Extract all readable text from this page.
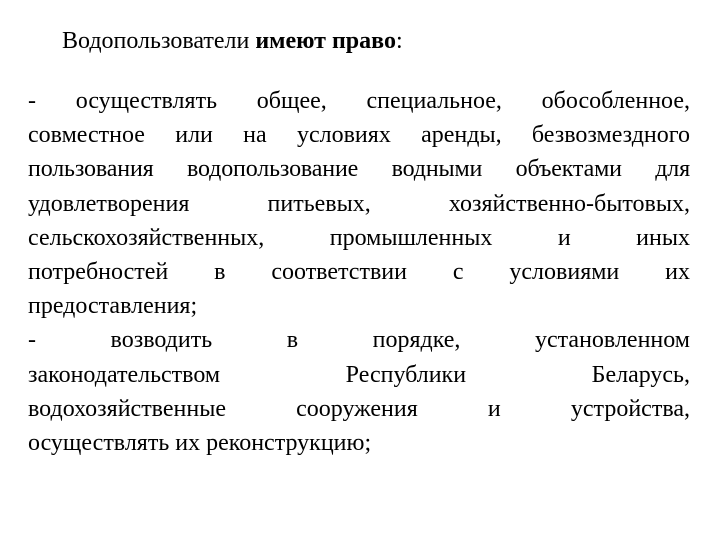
Водопользователи имеют право:
- осуществлять общее, специальное, обособленное,
совместное или на условиях аренды, безвозмездного
пользования водопользование водными объектами для
удовлетворения питьевых, хозяйственно-бытовых,
сельскохозяйственных, промышленных и иных
потребностей в соответствии с условиями их
предоставления;
- возводить в порядке, установленном
законодательством Республики Беларусь,
водохозяйственные сооружения и устройства,
осуществлять их реконструкцию;
